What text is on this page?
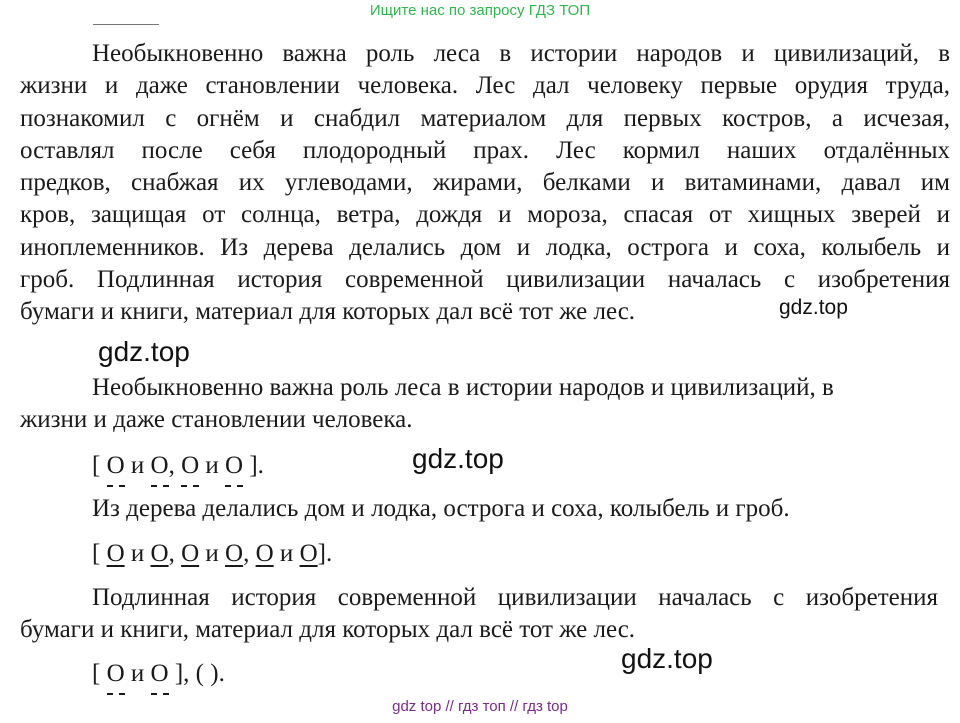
Ищите нас по запросу ГДЗ ТОП
Необыкновенно важна роль леса в истории народов и цивилизаций, в
жизни и даже становлении человека. Лес дал человеку первые орудия труда,
познакомил с огнём и снабдил материалом для первых костров, а исчезая,
оставлял после себя плодородный прах. Лес кормил наших отдалённых
предков, снабжая их углеводами, жирами, белками и витаминами, давал им
кров, защищая от солнца, ветра, дождя и мороза, спасая от хищных зверей и
иноплеменников. Из дерева делались дом и лодка, острога и соха, колыбель и
гроб. Подлинная история современной цивилизации началась с изобретения
бумаги и книги, материал для которых дал всё тот же лес.
Необыкновенно важна роль леса в истории народов и цивилизаций, в
жизни и даже становлении человека.
[ О и О, О и О ].
Из дерева делались дом и лодка, острога и соха, колыбель и гроб.
[ О и О, О и О, О и О].
Подлинная история современной цивилизации началась с изобретения
бумаги и книги, материал для которых дал всё тот же лес.
[ О и О ], ( ).
gdz.top
gdz.top
gdz.top
gdz.top
gdz top // гдз топ // гдз top
